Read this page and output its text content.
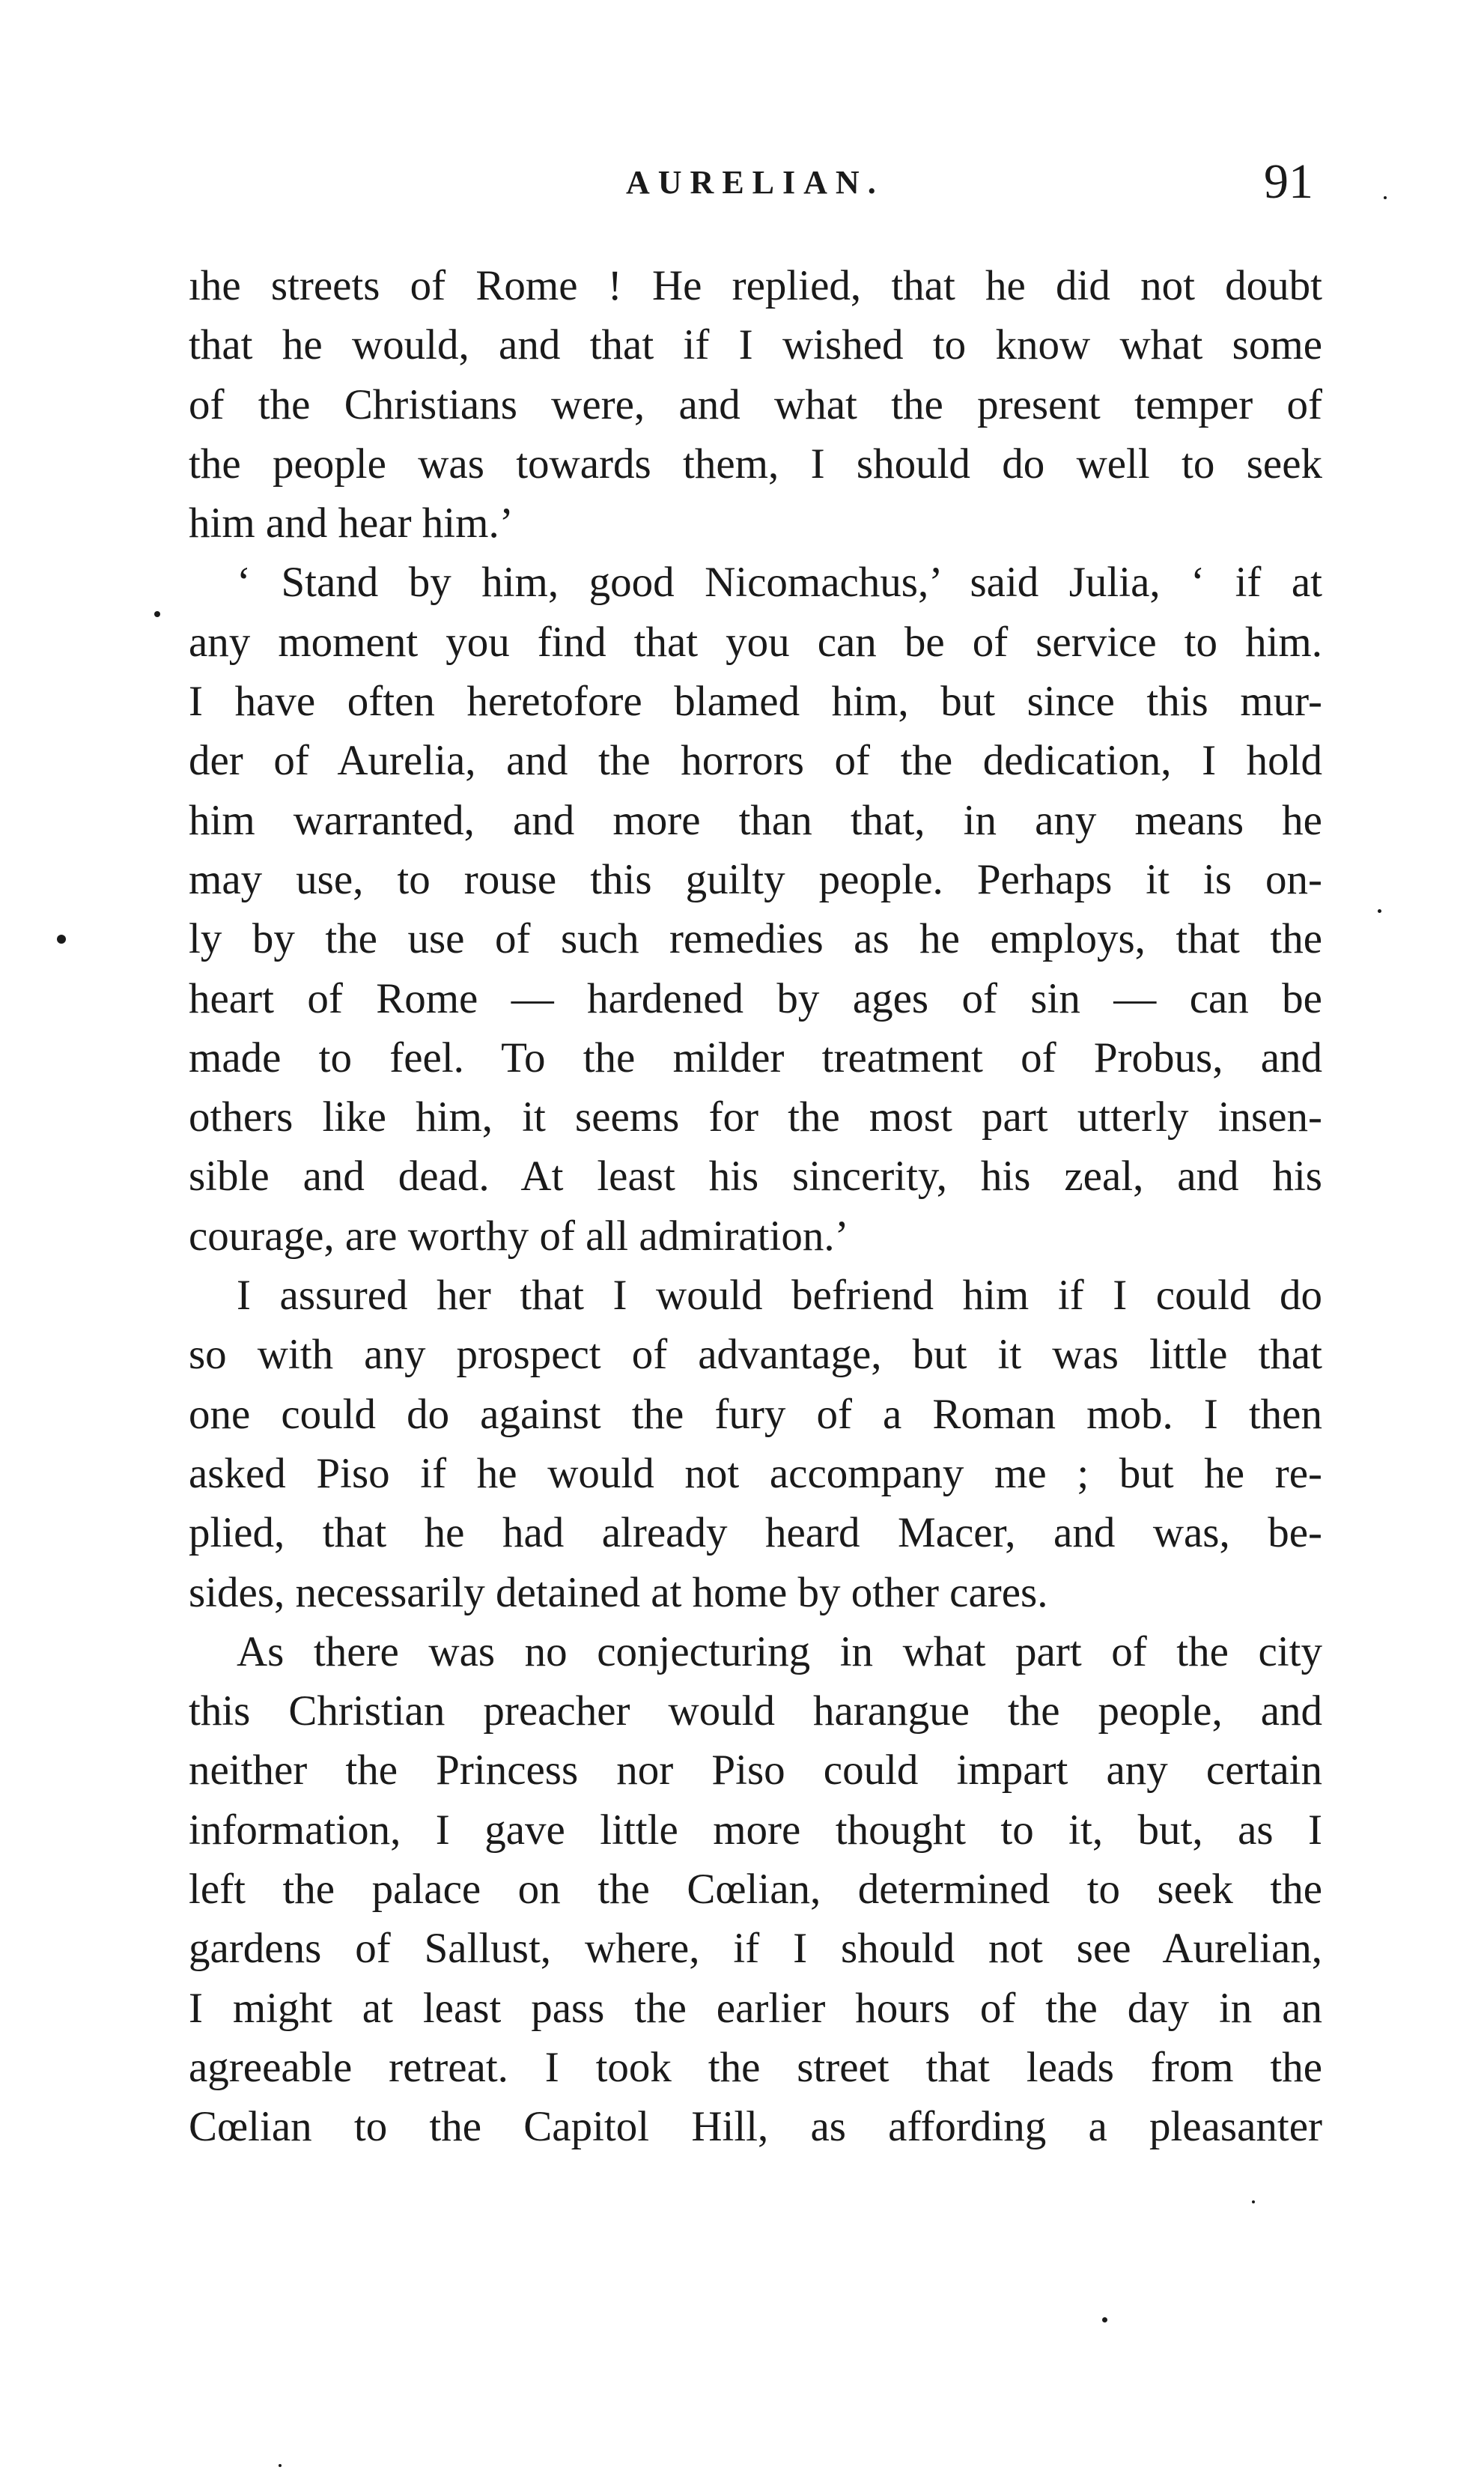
AURELIAN.	91
ıhe streets of Rome ! He replied, that he did not doubt
that he would, and that if I wished to know what some
of the Christians were, and what the present temper of
the people was towards them, I should do well to seek
him and hear him.’
‘ Stand by him, good Nicomachus,’ said Julia, ‘ if at
any moment you find that you can be of service to him.
I have often heretofore blamed him, but since this mur-
der of Aurelia, and the horrors of the dedication, I hold
him warranted, and more than that, in any means he
may use, to rouse this guilty people. Perhaps it is on-
ly by the use of such remedies as he employs, that the
heart of Rome — hardened by ages of sin — can be
made to feel. To the milder treatment of Probus, and
others like him, it seems for the most part utterly insen-
sible and dead. At least his sincerity, his zeal, and his
courage, are worthy of all admiration.’
I assured her that I would befriend him if I could do
so with any prospect of advantage, but it was little that
one could do against the fury of a Roman mob. I then
asked Piso if he would not accompany me ; but he re-
plied, that he had already heard Macer, and was, be-
sides, necessarily detained at home by other cares.
As there was no conjecturing in what part of the city
this Christian preacher would harangue the people, and
neither the Princess nor Piso could impart any certain
information, I gave little more thought to it, but, as I
left the palace on the Cœlian, determined to seek the
gardens of Sallust, where, if I should not see Aurelian,
I might at least pass the earlier hours of the day in an
agreeable retreat. I took the street that leads from the
Cœlian to the Capitol Hill, as affording a pleasanter
